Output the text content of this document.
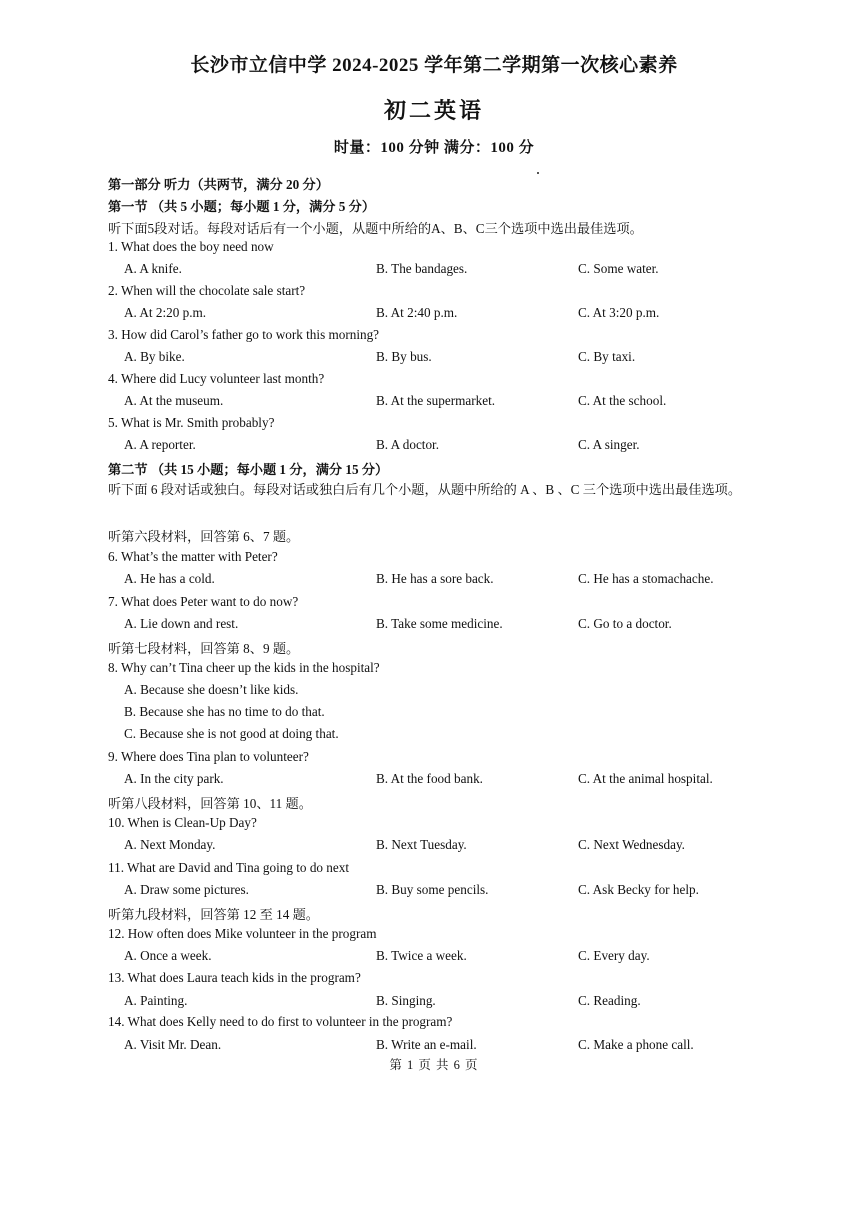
长沙市立信中学 2024-2025 学年第二学期第一次核心素养
初二英语
时量：100 分钟 满分：100 分
第一部分 听力（共两节，满分 20 分）
第一节 （共 5 小题；每小题 1 分，满分 5 分）
听下面5段对话。每段对话后有一个小题，从题中所给的A、B、C三个选项中选出最佳选项。
1. What does the boy need now
A. A knife.	B. The bandages.	C. Some water.
2. When will the chocolate sale start?
A. At 2:20 p.m.	B. At 2:40 p.m.	C. At 3:20 p.m.
3. How did Carol’s father go to work this morning?
A. By bike.	B. By bus.	C. By taxi.
4. Where did Lucy volunteer last month?
A. At the museum.	B. At the supermarket.	C. At the school.
5. What is Mr. Smith probably?
A. A reporter.	B. A doctor.	C. A singer.
第二节 （共 15 小题；每小题 1 分，满分 15 分）
听下面 6 段对话或独白。每段对话或独白后有几个小题，从题中所给的 A 、B 、C 三个选项中选出最佳选项。
听第六段材料，回答第 6、7 题。
6. What’s the matter with Peter?
A. He has a cold.	B. He has a sore back.	C. He has a stomachache.
7. What does Peter want to do now?
A. Lie down and rest.	B. Take some medicine.	C. Go to a doctor.
听第七段材料，回答第 8、9 题。
8. Why can’t Tina cheer up the kids in the hospital?
A. Because she doesn’t like kids.
B. Because she has no time to do that.
C. Because she is not good at doing that.
9. Where does Tina plan to volunteer?
A. In the city park.	B. At the food bank.	C. At the animal hospital.
听第八段材料，回答第 10、11 题。
10. When is Clean-Up Day?
A. Next Monday.	B. Next Tuesday.	C. Next Wednesday.
11. What are David and Tina going to do next
A. Draw some pictures.	B. Buy some pencils.	C. Ask Becky for help.
听第九段材料，回答第 12 至 14 题。
12. How often does Mike volunteer in the program
A. Once a week.	B. Twice a week.	C. Every day.
13. What does Laura teach kids in the program?
A. Painting.	B. Singing.	C. Reading.
14. What does Kelly need to do first to volunteer in the program?
A. Visit Mr. Dean.	B. Write an e-mail.	C. Make a phone call.
第 1 页 共 6 页
